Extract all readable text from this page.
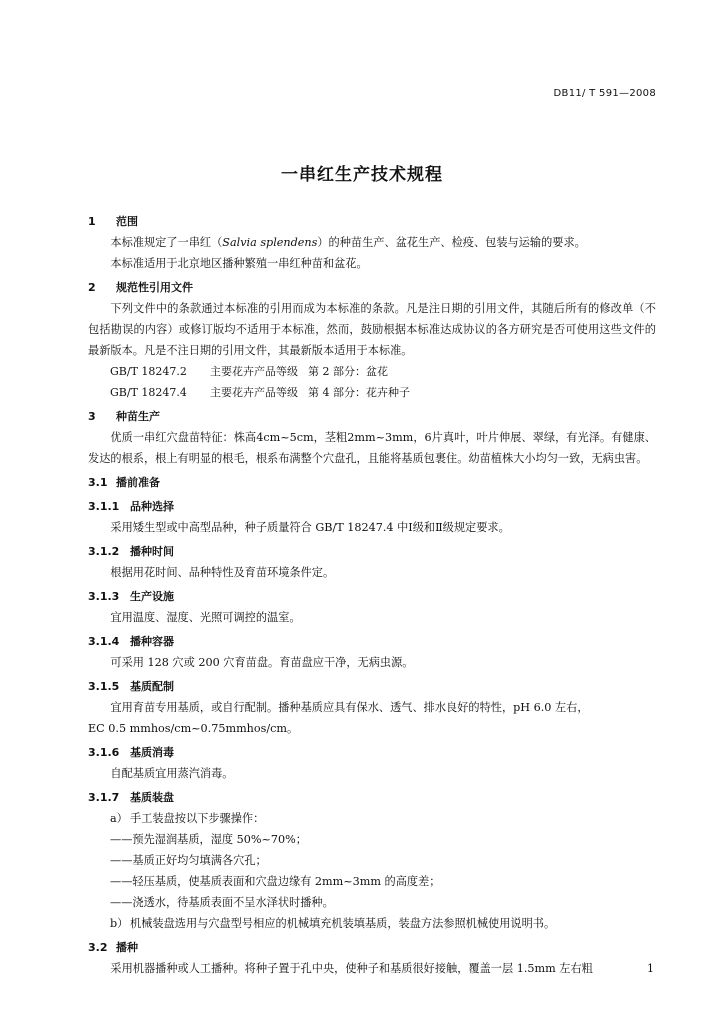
DB11/ T 591—2008
一串红生产技术规程
1 范围

本标准规定了一串红（Salvia splendens）的种苗生产、盆花生产、检疫、包装与运输的要求。

本标准适用于北京地区播种繁殖一串红种苗和盆花。

2 规范性引用文件

下列文件中的条款通过本标准的引用而成为本标准的条款。凡是注日期的引用文件，其随后所有的修改单（不包括勘误的内容）或修订版均不适用于本标准，然而，鼓励根据本标准达成协议的各方研究是否可使用这些文件的最新版本。凡是不注日期的引用文件，其最新版本适用于本标准。

GB/T 18247.2 主要花卉产品等级 第 2 部分：盆花
GB/T 18247.4 主要花卉产品等级 第 4 部分：花卉种子
3 种苗生产

优质一串红穴盘苗特征：株高4cm~5cm，茎粗2mm~3mm，6片真叶，叶片伸展、翠绿，有光泽。有健康、发达的根系，根上有明显的根毛，根系布满整个穴盘孔，且能将基质包裹住。幼苗植株大小均匀一致，无病虫害。

3.1 播前准备
3.1.1 品种选择

采用矮生型或中高型品种，种子质量符合 GB/T 18247.4 中Ⅰ级和Ⅱ级规定要求。

3.1.2 播种时间

根据用花时间、品种特性及育苗环境条件定。

3.1.3 生产设施

宜用温度、湿度、光照可调控的温室。

3.1.4 播种容器

可采用 128 穴或 200 穴育苗盘。育苗盘应干净，无病虫源。

3.1.5 基质配制

宜用育苗专用基质，或自行配制。播种基质应具有保水、透气、排水良好的特性，pH 6.0 左右，

EC 0.5 mmhos/cm~0.75mmhos/cm。

3.1.6 基质消毒

自配基质宜用蒸汽消毒。

3.1.7 基质装盘
a） 手工装盘按以下步骤操作：
——预先湿润基质，湿度 50%~70%；
——基质正好均匀填满各穴孔；
——轻压基质，使基质表面和穴盘边缘有 2mm~3mm 的高度差；
——浇透水，待基质表面不呈水泽状时播种。
b） 机械装盘选用与穴盘型号相应的机械填充机装填基质，装盘方法参照机械使用说明书。
3.2 播种

采用机器播种或人工播种。将种子置于孔中央，使种子和基质很好接触，覆盖一层 1.5mm 左右粗	1
